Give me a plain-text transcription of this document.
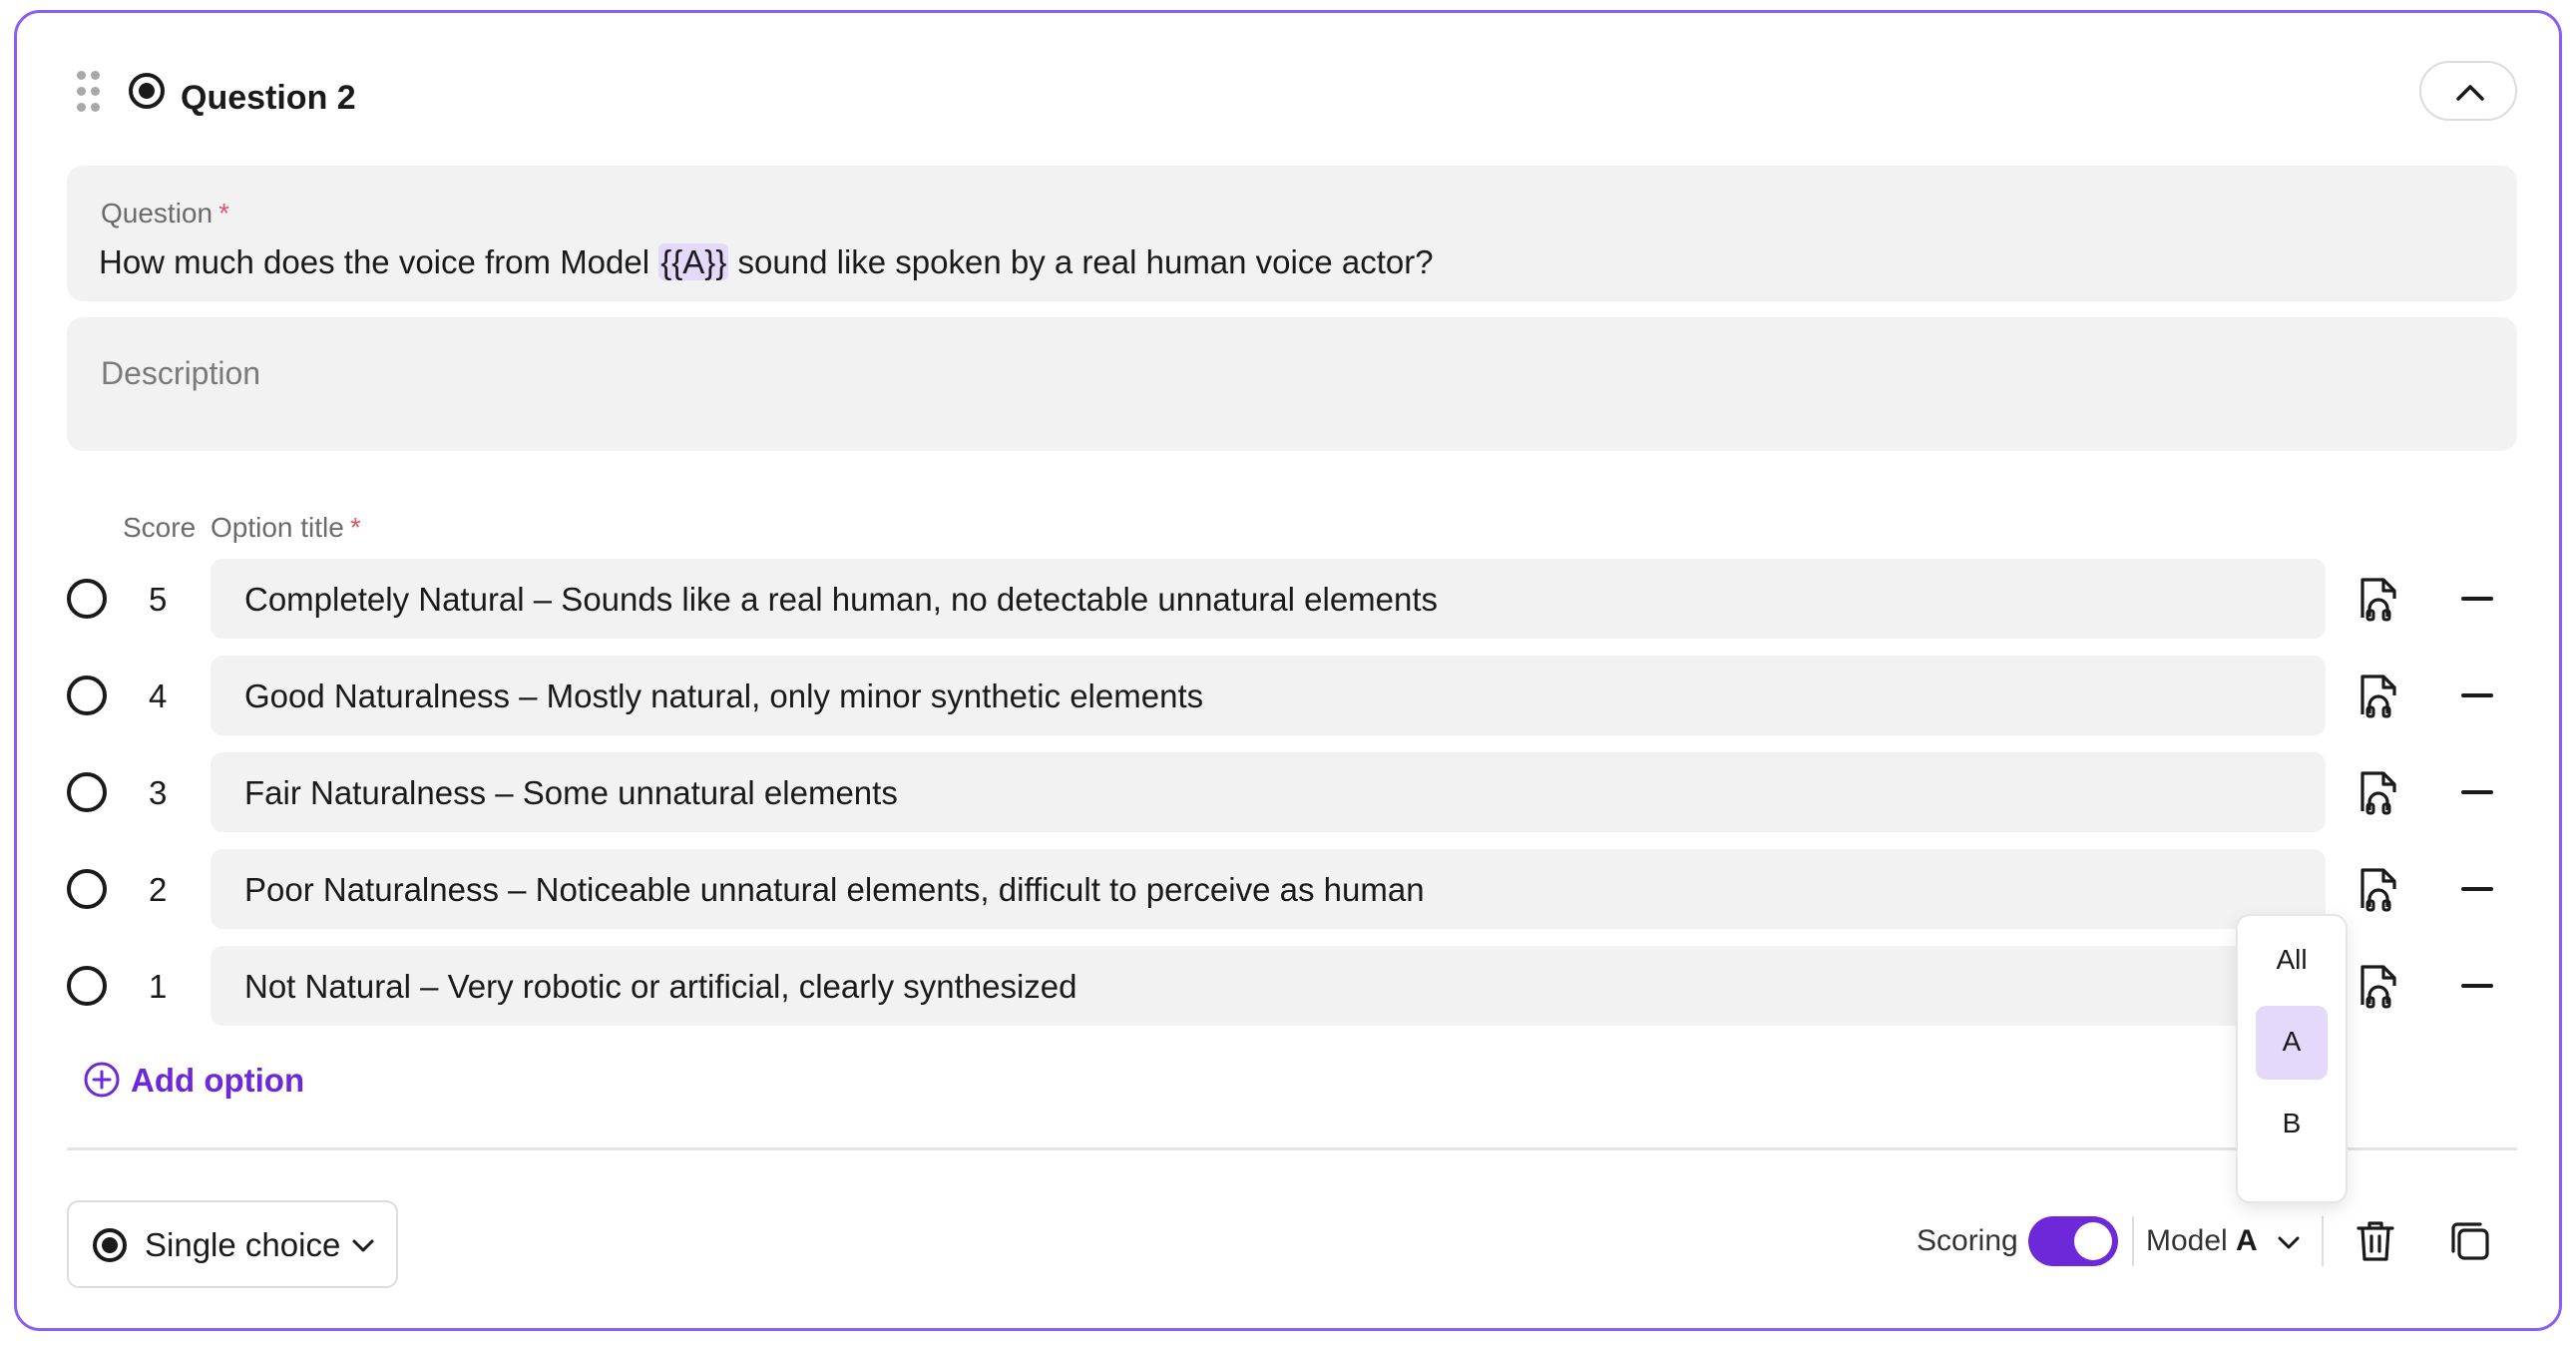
Question 2
Question *
How much does the voice from Model {{A}} sound like spoken by a real human voice actor?
Description
Score Option title *
5 Completely Natural – Sounds like a real human, no detectable unnatural elements
4 Good Naturalness – Mostly natural, only minor synthetic elements
3 Fair Naturalness – Some unnatural elements
2 Poor Naturalness – Noticeable unnatural elements, difficult to perceive as human
1 Not Natural – Very robotic or artificial, clearly synthesized
Add option
Single choice	Scoring	Model A
All
A
B
